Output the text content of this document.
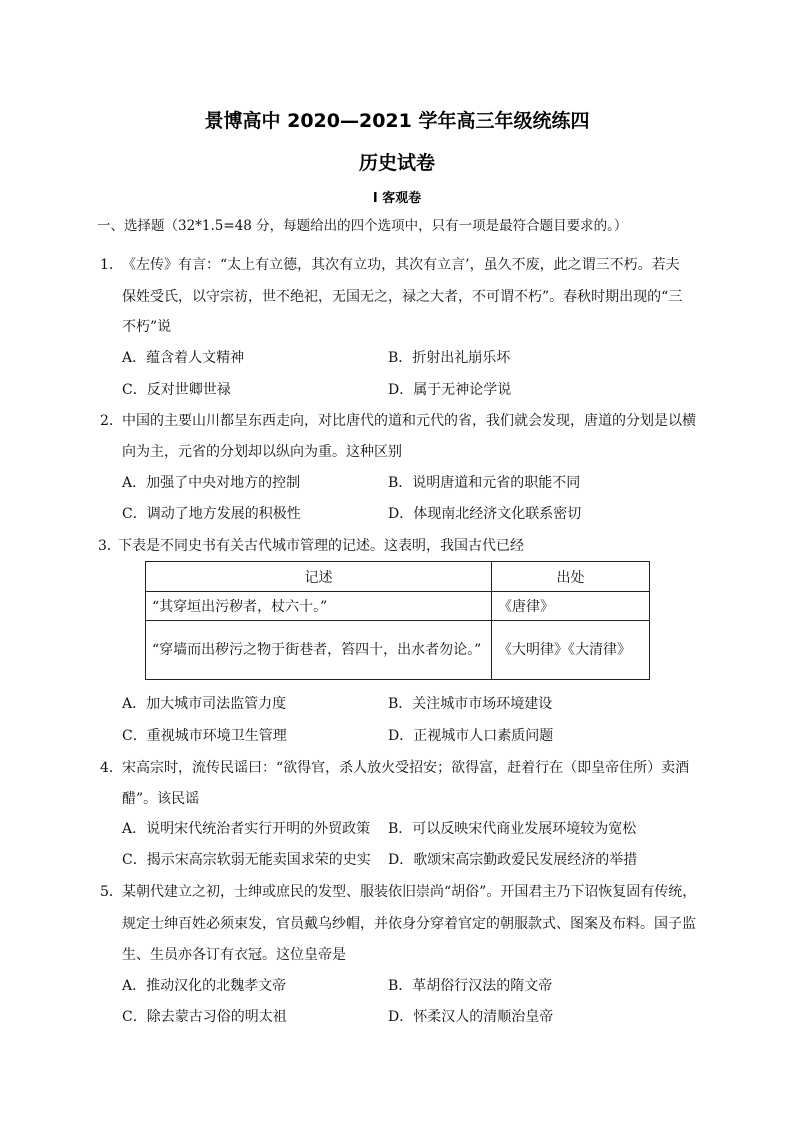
景博高中 2020—2021 学年高三年级统练四
历史试卷
I 客观卷
一、选择题（32*1.5=48 分，每题给出的四个选项中，只有一项是最符合题目要求的。）
1． 《左传》有言：“太上有立德，其次有立功，其次有立言’，虽久不废，此之谓三不朽。若夫
保姓受氏，以守宗祊，世不绝祀，无国无之，禄之大者，不可谓不朽”。春秋时期出现的“三
不朽”说
A．蕴含着人文精神	B．折射出礼崩乐坏
C．反对世卿世禄	D．属于无神论学说
2． 中国的主要山川都呈东西走向，对比唐代的道和元代的省，我们就会发现，唐道的分划是以横
向为主，元省的分划却以纵向为重。这种区别
A．加强了中央对地方的控制	B．说明唐道和元省的职能不同
C．调动了地方发展的积极性	D．体现南北经济文化联系密切
3．
下表是不同史书有关古代城市管理的记述。这表明，我国古代已经
记述	出处
“其穿垣出污秽者，杖六十。”	《唐律》
“穿墙而出秽污之物于街巷者，笞四十，出水者勿论。”	《大明律》《大清律》
A．加大城市司法监管力度	B．关注城市市场环境建设
C．重视城市环境卫生管理	D．正视城市人口素质问题
4． 宋高宗时，流传民谣曰：“欲得官，杀人放火受招安；欲得富，赶着行在（即皇帝住所）卖酒
醋”。该民谣
A．说明宋代统治者实行开明的外贸政策 B．可以反映宋代商业发展环境较为宽松
C．揭示宋高宗软弱无能卖国求荣的史实 D．歌颂宋高宗勤政爱民发展经济的举措
5． 某朝代建立之初，士绅或庶民的发型、服装依旧崇尚“胡俗”。开国君主乃下诏恢复固有传统，
规定士绅百姓必须束发，官员戴乌纱帽，并依身分穿着官定的朝服款式、图案及布料。国子监
生、生员亦各订有衣冠。这位皇帝是
A．推动汉化的北魏孝文帝	B．革胡俗行汉法的隋文帝
C．除去蒙古习俗的明太祖	D．怀柔汉人的清顺治皇帝
